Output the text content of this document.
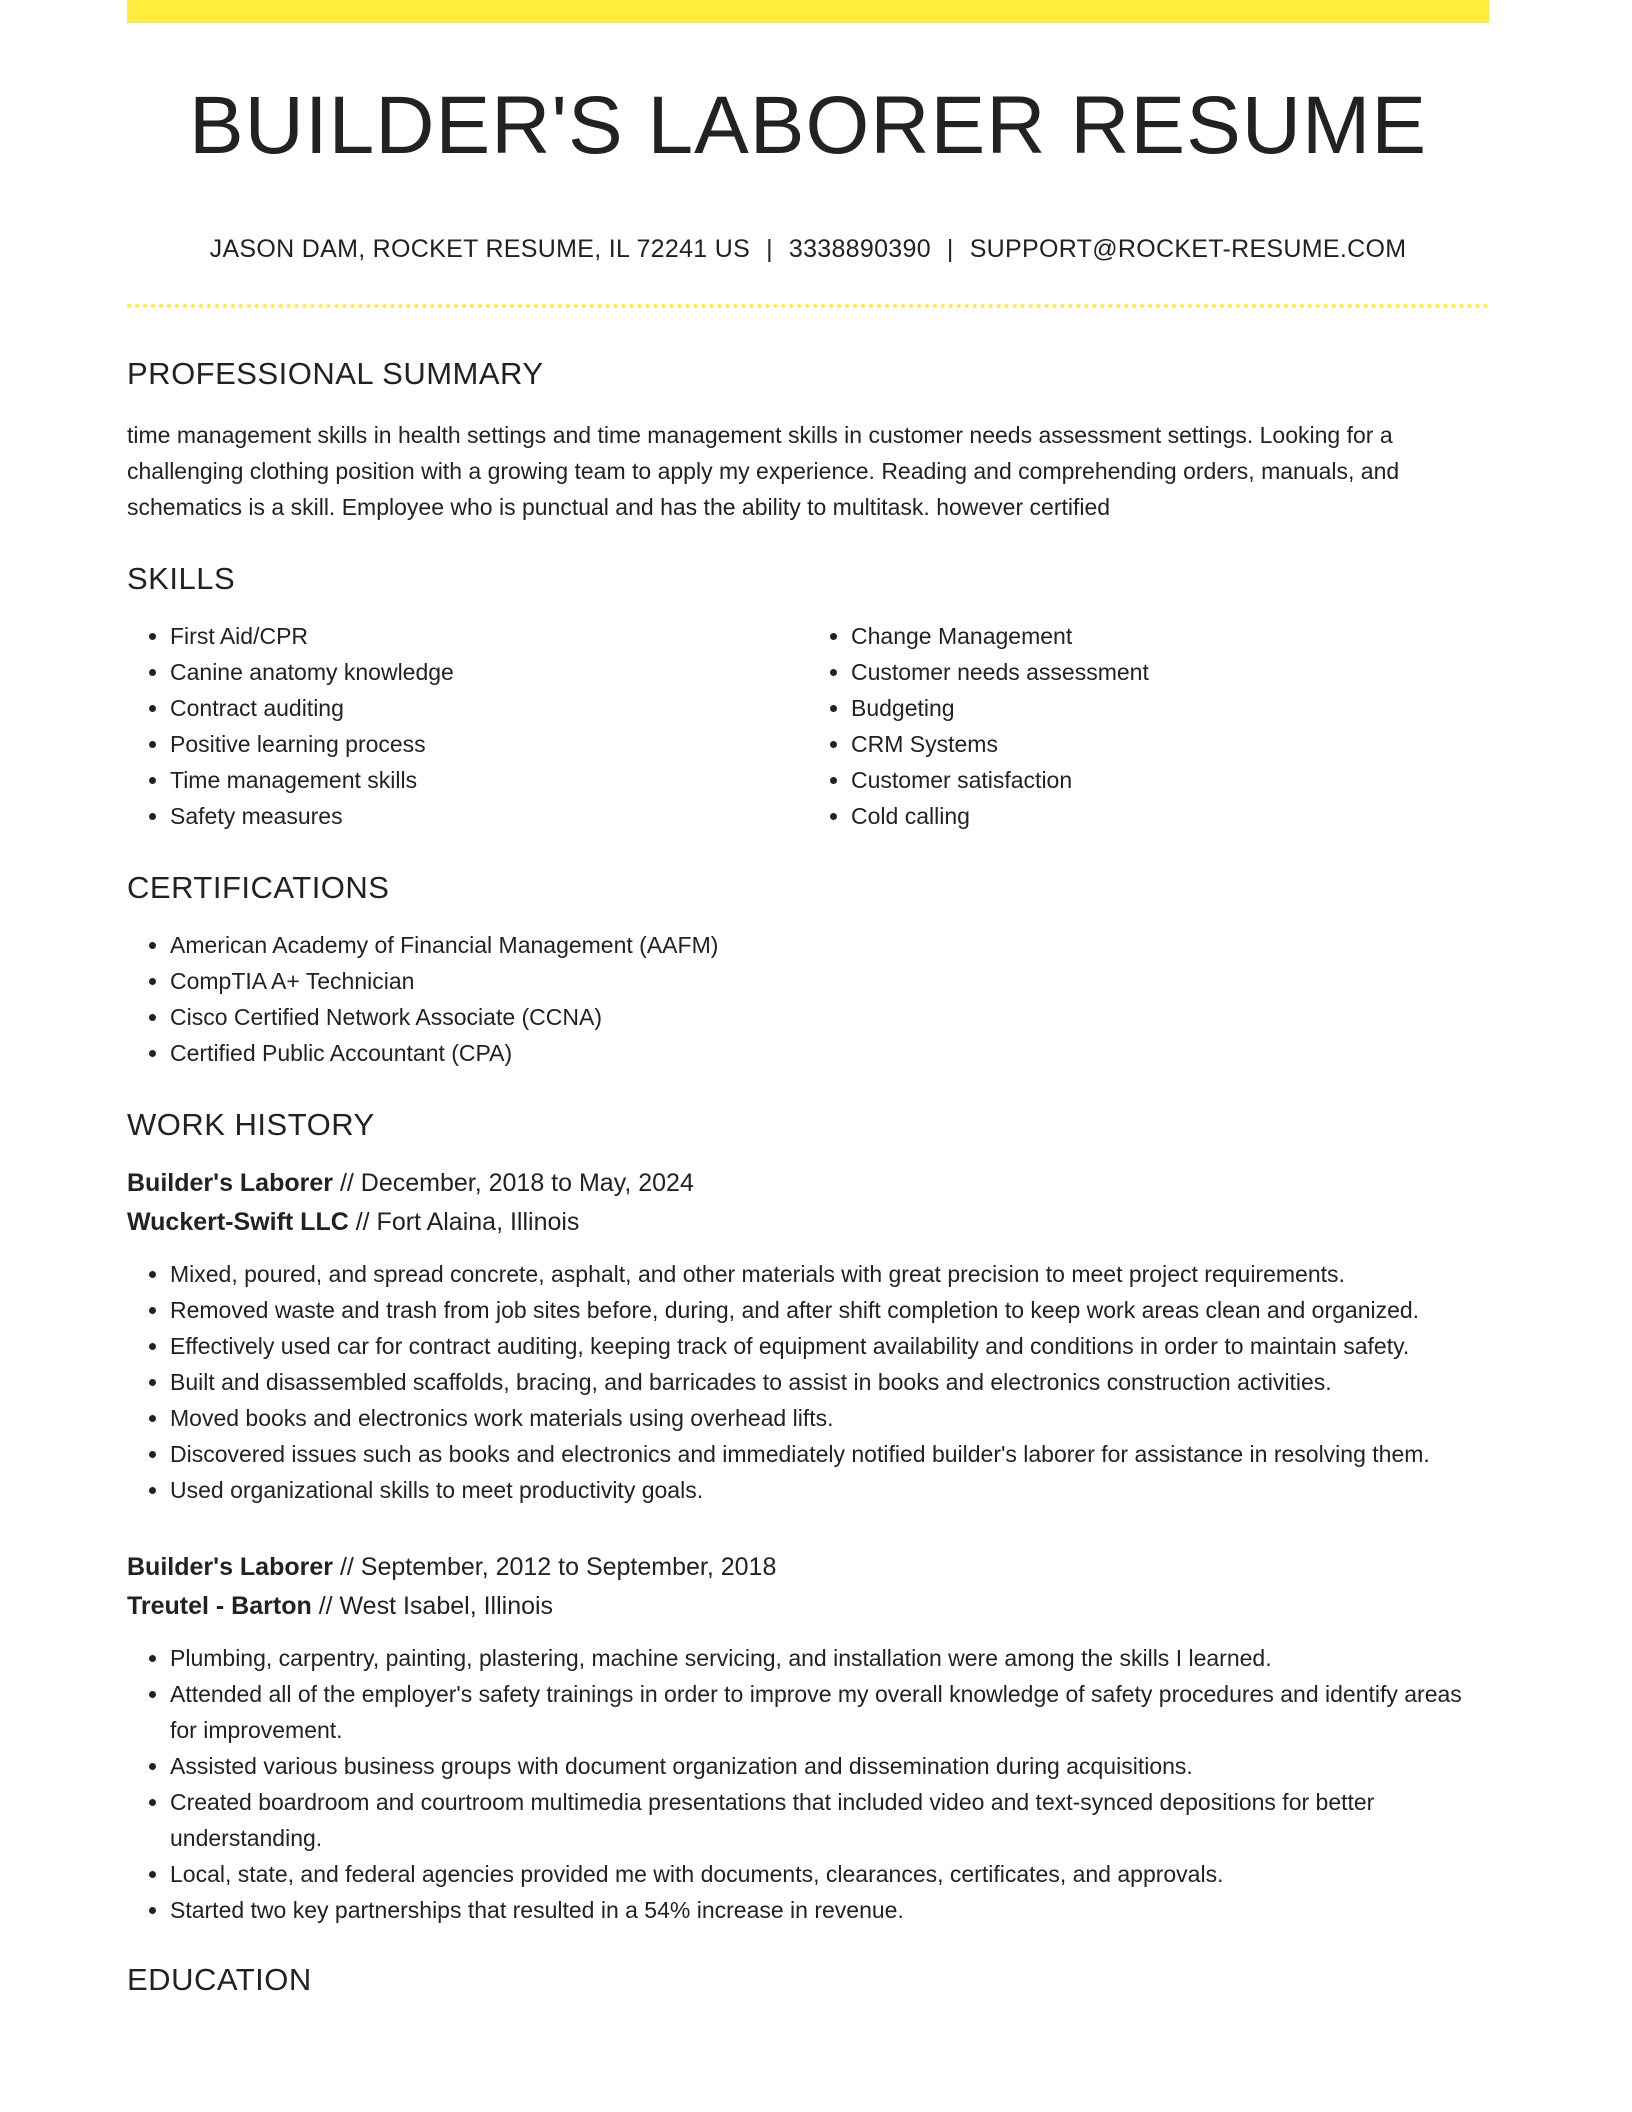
BUILDER'S LABORER RESUME
JASON DAM, ROCKET RESUME, IL 72241 US | 3338890390 | SUPPORT@ROCKET-RESUME.COM
PROFESSIONAL SUMMARY

time management skills in health settings and time management skills in customer needs assessment settings. Looking for a challenging clothing position with a growing team to apply my experience. Reading and comprehending orders, manuals, and schematics is a skill. Employee who is punctual and has the ability to multitask. however certified

SKILLS
• First Aid/CPR
• Canine anatomy knowledge
• Contract auditing
• Positive learning process
• Time management skills
• Safety measures
• Change Management
• Customer needs assessment
• Budgeting
• CRM Systems
• Customer satisfaction
• Cold calling
CERTIFICATIONS
• American Academy of Financial Management (AAFM)
• CompTIA A+ Technician
• Cisco Certified Network Associate (CCNA)
• Certified Public Accountant (CPA)
WORK HISTORY
Builder's Laborer // December, 2018 to May, 2024
Wuckert-Swift LLC // Fort Alaina, Illinois
• Mixed, poured, and spread concrete, asphalt, and other materials with great precision to meet project requirements.
• Removed waste and trash from job sites before, during, and after shift completion to keep work areas clean and organized.
• Effectively used car for contract auditing, keeping track of equipment availability and conditions in order to maintain safety.
• Built and disassembled scaffolds, bracing, and barricades to assist in books and electronics construction activities.
• Moved books and electronics work materials using overhead lifts.
• Discovered issues such as books and electronics and immediately notified builder's laborer for assistance in resolving them.
• Used organizational skills to meet productivity goals.
Builder's Laborer // September, 2012 to September, 2018
Treutel - Barton // West Isabel, Illinois
• Plumbing, carpentry, painting, plastering, machine servicing, and installation were among the skills I learned.
• Attended all of the employer's safety trainings in order to improve my overall knowledge of safety procedures and identify areas for improvement.
• Assisted various business groups with document organization and dissemination during acquisitions.
• Created boardroom and courtroom multimedia presentations that included video and text-synced depositions for better understanding.
• Local, state, and federal agencies provided me with documents, clearances, certificates, and approvals.
• Started two key partnerships that resulted in a 54% increase in revenue.
EDUCATION
